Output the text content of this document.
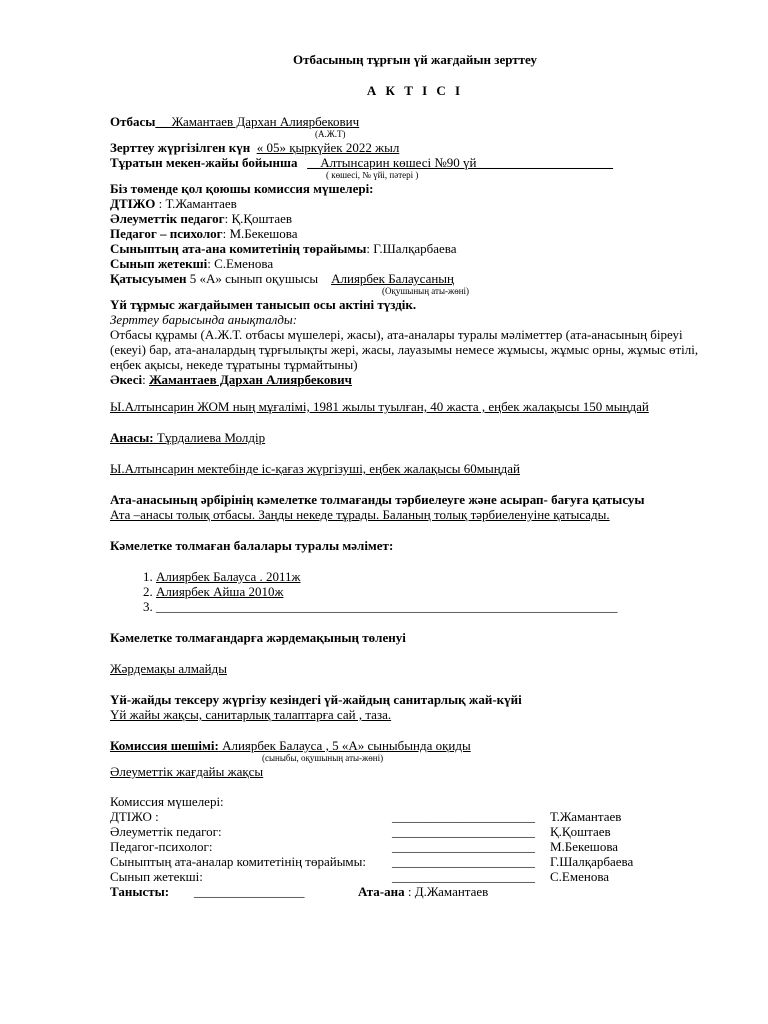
Отбасының тұрғын үй жағдайын зерттеу
А К Т І С І
Отбасы__ Жамантаев Дархан Алиярбекович
(А.Ж.Т)
Зерттеу жүргізілген күн « 05» қыркүйек 2022 жыл
Тұратын мекен-жайы бойынша __Алтынсарин көшесі №90 үй_____________________
( көшесі, № үйі, пәтері )
Біз төменде қол қоюшы комиссия мүшелері:
ДТІЖО : Т.Жамантаев
Әлеуметтік педагог: Қ.Қоштаев
Педагог – психолог: М.Бекешова
Сыныптың ата-ана комитетінің төрайымы: Г.Шалқарбаева
Сынып жетекші: С.Еменова
Қатысуымен 5 «А» сынып оқушысы Алиярбек Балаусаның
(Оқушының аты-жөні)
Үй тұрмыс жағдайымен танысып осы актіні түздік.
Зерттеу барысында анықталды:
Отбасы құрамы (А.Ж.Т. отбасы мүшелері, жасы), ата-аналары туралы мәліметтер (ата-анасының біреуі (екеуі) бар, ата-аналардың тұрғылықты жері, жасы, лауазымы немесе жұмысы, жұмыс орны, жұмыс өтілі, еңбек ақысы, некеде тұратыны тұрмайтыны)
Әкесі: Жамантаев Дархан Алиярбекович
Ы.Алтынсарин ЖОМ ның мұғалімі, 1981 жылы туылған, 40 жаста , еңбек жалақысы 150 мыңдай
Анасы: Тұрдалиева Молдір
Ы.Алтынсарин мектебінде іс-қағаз жүргізуші, еңбек жалақысы 60мыңдай
Ата-анасының әрбірінің кәмелетке толмағанды тәрбиелеуге және асырап- бағуға қатысуы
Ата –анасы толық отбасы. Заңды некеде тұрады. Баланың толық тәрбиеленуіне қатысады.
Кәмелетке толмаған балалары туралы мәлімет:
1. Алиярбек Балауса . 2011ж
2. Алиярбек Айша 2010ж
3. _______________________________________________________________________
Кәмелетке толмағандарға жәрдемақының төленуі
Жәрдемақы алмайды
Үй-жайды тексеру жүргізу кезіндегі үй-жайдың санитарлық жай-күйі
Үй жайы жақсы, санитарлық талаптарға сай , таза.
Комиссия шешімі: Алиярбек Балауса , 5 «А» сыныбында оқиды
(сыныбы, оқушының аты-жөні)
Әлеуметтік жағдайы жақсы
Комиссия мүшелері:
ДТІЖО :	______________________ Т.Жамантаев
Әлеуметтік педагог:	______________________ Қ.Қоштаев
Педагог-психолог:	______________________ М.Бекешова
Сыныптың ата-аналар комитетінің төрайымы: ______________________ Г.Шалқарбаева
Сынып жетекші:	______________________ С.Еменова
Танысты: _________________	Ата-ана : Д.Жамантаев
